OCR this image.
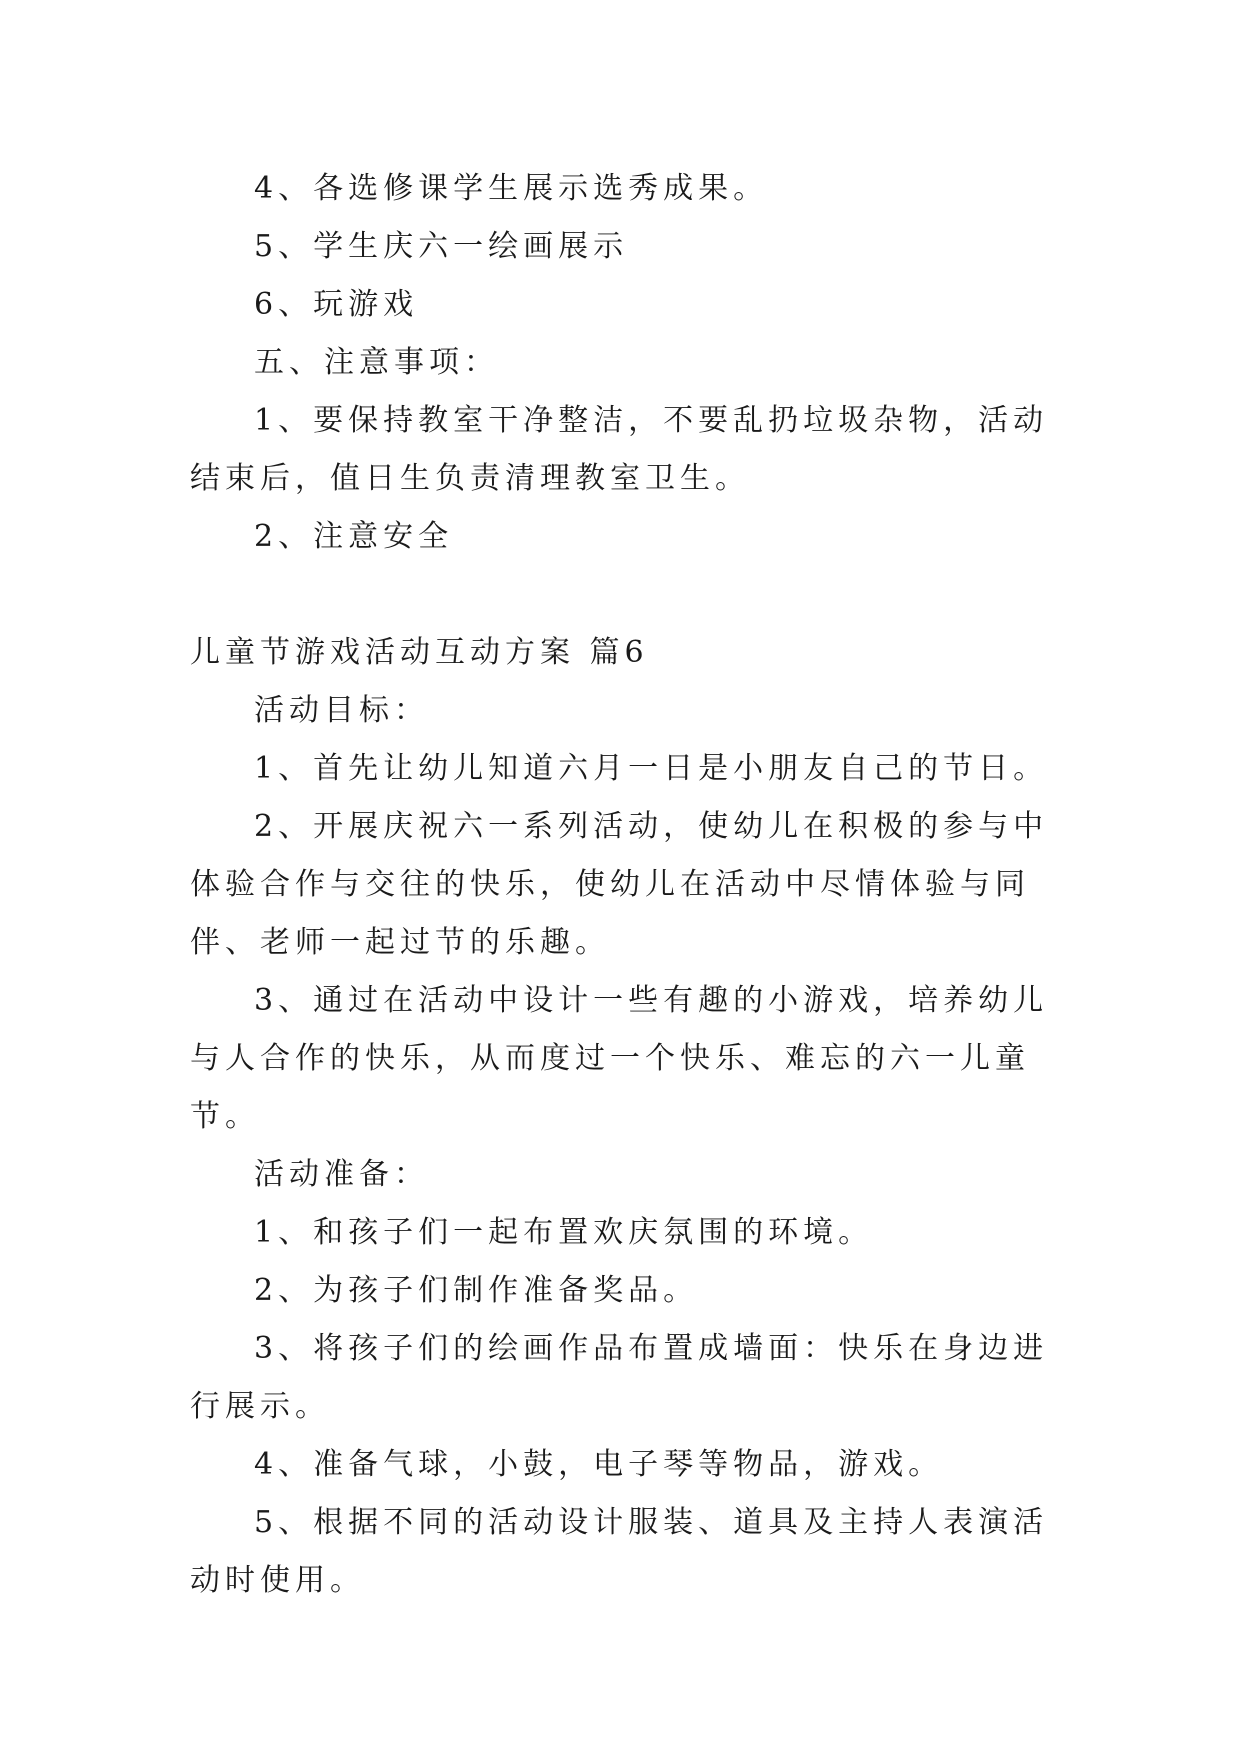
4、各选修课学生展示选秀成果。

5、学生庆六一绘画展示

6、玩游戏

五、注意事项：

1、要保持教室干净整洁，不要乱扔垃圾杂物，活动结束后，值日生负责清理教室卫生。

2、注意安全

儿童节游戏活动互动方案 篇6

活动目标：

1、首先让幼儿知道六月一日是小朋友自己的节日。

2、开展庆祝六一系列活动，使幼儿在积极的参与中体验合作与交往的快乐，使幼儿在活动中尽情体验与同伴、老师一起过节的乐趣。

3、通过在活动中设计一些有趣的小游戏，培养幼儿与人合作的快乐，从而度过一个快乐、难忘的六一儿童节。

活动准备：

1、和孩子们一起布置欢庆氛围的环境。

2、为孩子们制作准备奖品。

3、将孩子们的绘画作品布置成墙面：快乐在身边进行展示。

4、准备气球，小鼓，电子琴等物品，游戏。

5、根据不同的活动设计服装、道具及主持人表演活动时使用。
